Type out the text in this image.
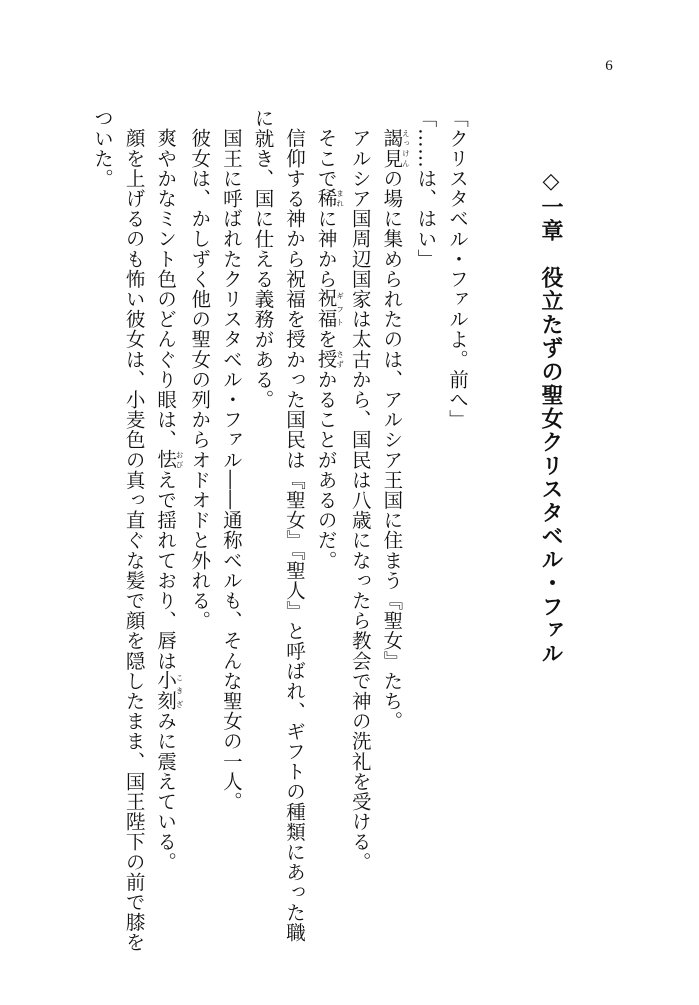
6
◇一章　役立たずの聖女クリスタベル・ファル

「クリスタベル・ファルよ。前へ」

「……は、はい」

謁見えっけんの場に集められたのは、アルシア王国に住まう『聖女』たち。

アルシア国周辺国家は太古から、国民は八歳になったら教会で神の洗礼を受ける。

そこで稀まれに神から祝福ギフトを授さずかることがあるのだ。

信仰する神から祝福を授かった国民は『聖女』『聖人』と呼ばれ、ギフトの種類にあった職に就き、国に仕える義務がある。

国王に呼ばれたクリスタベル・ファル――通称ベルも、そんな聖女の一人。

彼女は、かしずく他の聖女の列からオドオドと外れる。

爽やかなミント色のどんぐり眼は、怯おびえで揺れており、唇は小刻こきざみに震えている。

顔を上げるのも怖い彼女は、小麦色の真っ直ぐな髪で顔を隠したまま、国王陛下の前で膝をついた。
